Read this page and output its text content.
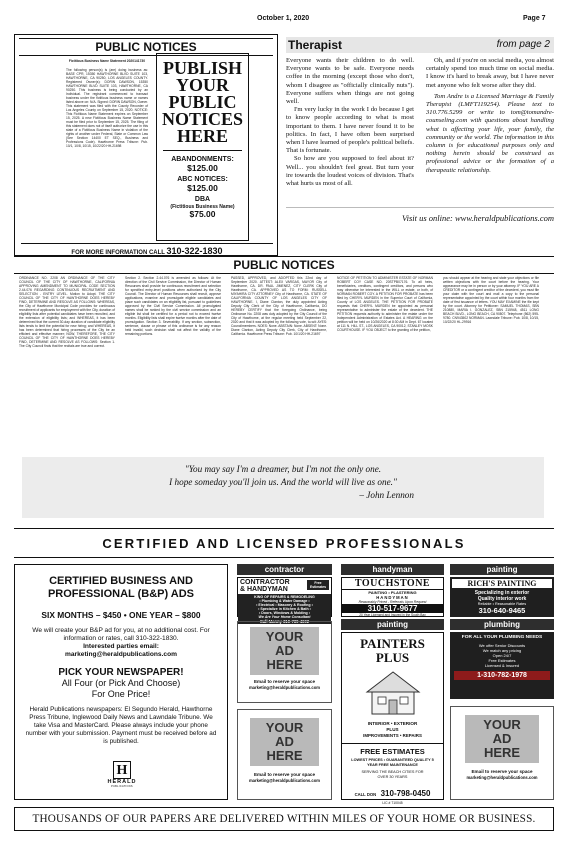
October 1, 2020	Page 7
PUBLIC NOTICES
Fictitious Business Name Statement 2020141730
The following person(s) is (are) doing business as: BASE CPR, 15350 HAWTHORNE BLVD SUITE 103, HAWTHORNE, CA 90250, LOS ANGELES COUNTY. Registered Owner(s): DORIN DAWSON, 15350 HAWTHORNE BLVD SUITE 103, HAWTHORNE, CA 90250. This business is being conducted by an Individual. The registrant commenced to transact business under the fictitious business name or names listed above on: N/A. Signed: DORIN DAWSON, Owner. This statement was filed with the County Recorder of Los Angeles County on September 15, 2020. NOTICE: This Fictitious Name Statement expires on September 15, 2025. A new Fictitious Business Name Statement must be filed prior to September 15, 2025. The filing of this statement does not of itself authorize the use in this state of a Fictitious Business Name in violation of the rights of another under Federal, State or Common Law (See Section 14400 ET SEQ., Business and Professions Code). Hawthorne Press Tribune: Pub. 10/1, 10/8, 10/15, 10/22/20 HH-21698
PUBLISH
YOUR
PUBLIC
NOTICES
HERE
ABANDONMENTS:
$125.00
ABC NOTICES:
$125.00
DBA
(Fictitious Business Name)
$75.00
FOR MORE INFORMATION CALL 310-322-1830
Therapist	from page 2

Everyone wants their children to do well. Everyone wants to be safe. Everyone needs coffee in the morning (except those who don't, whom I disagree as "officially clinically nuts"). Everyone suffers when things are not going well.

I'm very lucky in the work I do because I get to know people according to what is most important to them. I have never found it to be politics. In fact, I have often been surprised when I have learned of people's political beliefs. That is fortunate.

So how are you supposed to feel about it? Well... you shouldn't feel great. But turn your ire towards the loudest voices of division. That's what hurts us most of all.

Oh, and if you're on social media, you almost certainly spend too much time on social media. I know it's hard to break away, but I have never met anyone who felt worse after they did.

Tom Andre is a Licensed Marriage & Family Therapist (LMFT119254). Please text to 310.776.5299 or write to tom@tomandre-counseling.com with questions about handling what is affecting your life, your family, the community or the world. The information in this column is for educational purposes only and nothing herein should be construed as professional advice or the formation of a therapeutic relationship.

Visit us online: www.heraldpublications.com
PUBLIC NOTICES
ORDINANCE NO. 2208 AN ORDINANCE OF THE CITY COUNCIL OF THE CITY OF HAWTHORNE, CALIFORNIA APPROVING AMENDMENT TO MUNICIPAL CODE SECTION 2.44.076 REGARDING CONTINUOUS RECRUITMENT AND SELECTION - ENTRY LEVEL. Motion to Adopt. THE CITY COUNCIL OF THE CITY OF HAWTHORNE DOES HEREBY FIND, DETERMINE AND RESOLVE AS FOLLOWS: WHEREAS, the City of Hawthorne Municipal Code provides for continuous recruitment of applicants for employment with the City, duration of eligibility lists after potential candidates have been recruited, and the extension of eligibility lists; and WHEREAS, it has been determined that the current 30-day duration of candidate eligibility lists tends to limit the potential for new hiring; and WHEREAS, it has been determined that hiring processes of the City be an efficient and effective manner; NOW, THEREFORE, THE CITY COUNCIL OF THE CITY OF HAWTHORNE DOES HEREBY FIND, DETERMINE AND RESOLVE AS FOLLOWS: Section 1. The City Council finds that the recitals are true and correct.
Section 2. Section 2.44.076 is amended as follows: At the direction of the Civil Service Commission, the Director of Human Resources shall provide for continuous recruitment and selection for specified entry-level positions when authorized by the City Council. The Director of Human Resources shall recruit, approve applications, examine and promulgate eligible candidates and place such candidates on an eligibility list, pursuant to guidelines approved by the Civil Service Commission. All promulgated names shall be ranked by the civil service commission and an eligible list shall be certified for a period not to exceed twelve months. Eligibility lists shall expire twelve months after the date of promulgation. Section 3. Severability. If any section, subsection, sentence, clause or phrase of this ordinance is for any reason held invalid, such decision shall not affect the validity of the remaining portions.
PASSED, APPROVED, and ADOPTED this 22nd day of September 2020. ATTEST: ALEX VARGAS, MAYOR City of Hawthorne, CA. DR. PAUL JIMENEZ, CITY CLERK City of Hawthorne, CA. APPROVED AS TO FORM: RUSSELL MIYAHIRA CITY ATTORNEY City of Hawthorne, CA. STATE OF CALIFORNIA COUNTY OF LOS ANGELES CITY OF HAWTHORNE. I, Diane Clanton, the duly appointed Acting Deputy City Clerk of the City of Hawthorne, California, DO HEREBY CERTIFY that the foregoing Ordinance, being Ordinance No. 2208 was duly adopted by the City Council of the City of Hawthorne, at the regular meeting held September 22, 2020 and that it was adopted by the following vote, to-wit: AYES: Councilmembers. NOES: None. ABSTAIN: None. ABSENT: None. Diane Clanton, Acting Deputy City Clerk, City of Hawthorne, California. Hawthorne Press Tribune: Pub. 10/1/20 HH-21697
NOTICE OF PETITION TO ADMINISTER ESTATE OF NORMAN ROBERT COY CASE NO. 20STPB07176. To all heirs, beneficiaries, creditors, contingent creditors, and persons who may otherwise be interested in the WILL or estate, or both, of NORMAN ROBERT COY. A PETITION FOR PROBATE has been filed by CHERYL MURDEN in the Superior Court of California, County of LOS ANGELES. THE PETITION FOR PROBATE requests that CHERYL MURDEN be appointed as personal representative to administer the estate of the decedent. THE PETITION requests authority to administer the estate under the Independent Administration of Estates Act. A HEARING on the petition will be held on 10/26/2020 at 8:30 AM in Dept. 67 located at 111 N. HILL ST., LOS ANGELES, CA 90012, STANLEY MOSK COURTHOUSE. IF YOU OBJECT to the granting of the petition,
you should appear at the hearing and state your objections or file written objections with the court before the hearing. Your appearance may be in person or by your attorney. IF YOU ARE A CREDITOR or a contingent creditor of the decedent, you must file your claim with the court and mail a copy to the personal representative appointed by the court within four months from the date of first issuance of letters. YOU MAY EXAMINE the file kept by the court. Attorney for Petitioner: SAMUEL THOMAS, SBN 210880, MARIA I. GONZALEZ, SBN 215948, 4511 LONG BEACH BLVD., LONG BEACH, CA 90807. Telephone (562) 595-9780. CN943502 NORMAN. Lawndale Tribune: Pub. 10/8, 10/15, 10/22/20 HL-29916
"You may say I'm a dreamer, but I'm not the only one.
I hope someday you'll join us. And the world will live as one."
– John Lennon
CERTIFIED AND LICENSED PROFESSIONALS
CERTIFIED BUSINESS AND PROFESSIONAL (B&P) ADS
SIX MONTHS – $450 • ONE YEAR – $800
We will create your B&P ad for you, at no additional cost. For information or rates, call 310-322-1830.
Interested parties email:
marketing@heraldpublications.com
PICK YOUR NEWSPAPER!
All Four (or Pick And Choose)
For One Price!
Herald Publications newspapers: El Segundo Herald, Hawthorne Press Tribune, Inglewood Daily News and Lawndale Tribune. We take Visa and MasterCard. Please always include your phone number with your submission. Payment must be received before ad is published.
H
HERALD
PUBLICATIONS
contractor	handyman	painting
painting	plumbing
CONTRACTOR
& HANDYMAN
Free Estimates
KING OF REPAIRS & REMODELING
• Plumbing & Water Damage •
• Electrical • Masonry & Roofing •
• Specialize in Kitchen & Bath •
• Doors, Windows & Molding •
We Are Your Home Consultant
Call Manny 310-739-4692
TOUCHSTONE
PAINTING • PLASTERING
HANDYMAN
Reasonably Priced - Referrals Upon Request
310-517-9677
20 Year Licensed and Insured in the South Bay
RICH'S PAINTING
Specializing in exterior
Quality interior work
Reliable • Reasonable Rates
310-640-9465
YOUR
AD
HERE
Email to reserve your space
marketing@heraldpublications.com
YOUR
AD
HERE
Email to reserve your space
marketing@heraldpublications.com
PAINTERS PLUS
INTERIOR • EXTERIOR
PLUS
IMPROVEMENTS • REPAIRS
FREE ESTIMATES
LOWEST PRICES • GUARANTEED QUALITY 5 YEAR FREE MAINTENANCE
SERVING THE BEACH CITIES FOR OVER 30 YEARS
CALL DON 310-798-0450
LIC # 710045
FOR ALL YOUR PLUMBING NEEDS
We offer Senior Discounts
We match any pricing
Open 24/7
Free Estimates
Licensed & Insured
1-310-782-1978
YOUR
AD
HERE
Email to reserve your space
marketing@heraldpublications.com
THOUSANDS OF OUR PAPERS ARE DELIVERED WITHIN MILES OF YOUR HOME OR BUSINESS.
